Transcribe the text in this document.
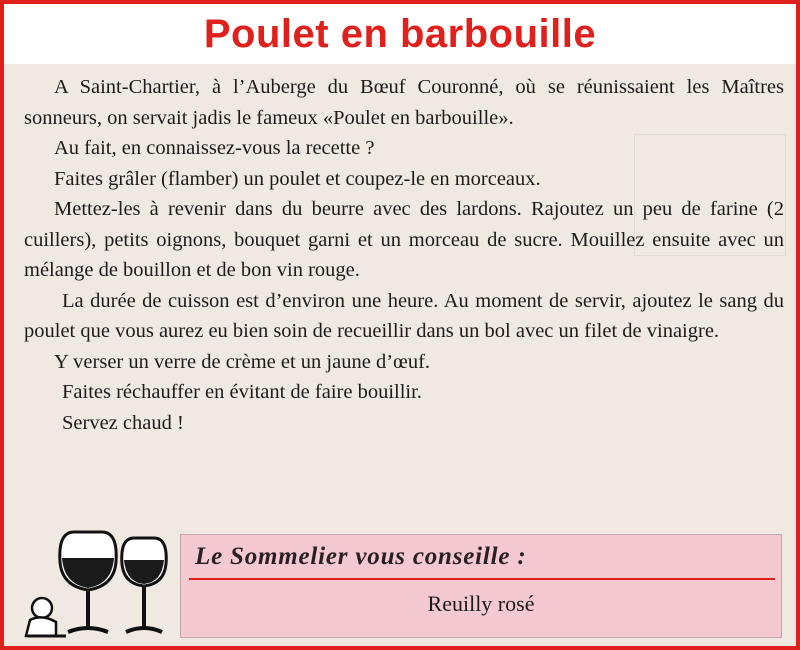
Poulet en barbouille

A Saint-Chartier, à l’Auberge du Bœuf Couronné, où se réunissaient les Maîtres sonneurs, on servait jadis le fameux «Poulet en barbouille».

Au fait, en connaissez-vous la recette ?

Faites grâler (flamber) un poulet et coupez-le en morceaux.

Mettez-les à revenir dans du beurre avec des lardons. Rajoutez un peu de farine (2 cuillers), petits oignons, bouquet garni et un morceau de sucre. Mouillez ensuite avec un mélange de bouillon et de bon vin rouge.

La durée de cuisson est d’environ une heure. Au moment de servir, ajoutez le sang du poulet que vous aurez eu bien soin de recueillir dans un bol avec un filet de vinaigre.

Y verser un verre de crème et un jaune d’œuf.

Faites réchauffer en évitant de faire bouillir.

Servez chaud !

Le Sommelier vous conseille :
Reuilly rosé
